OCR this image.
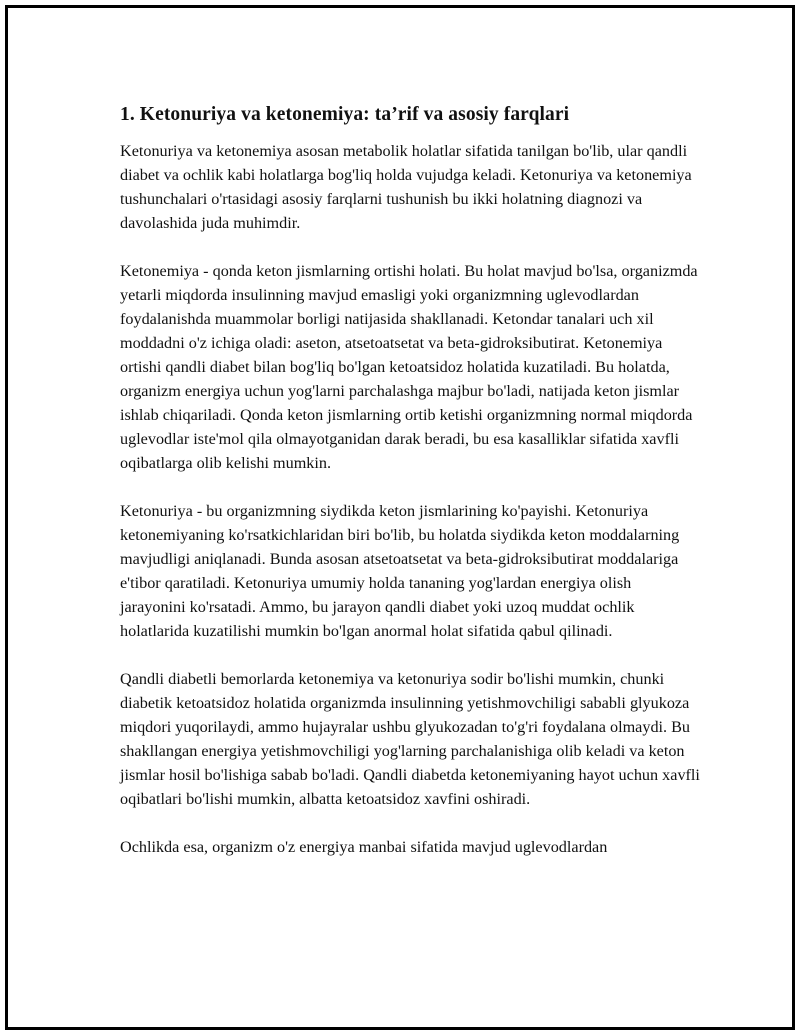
1. Ketonuriya va ketonemiya: ta’rif va asosiy farqlari

Ketonuriya va ketonemiya asosan metabolik holatlar sifatida tanilgan bo'lib, ular qandli diabet va ochlik kabi holatlarga bog'liq holda vujudga keladi. Ketonuriya va ketonemiya tushunchalari o'rtasidagi asosiy farqlarni tushunish bu ikki holatning diagnozi va davolashida juda muhimdir.

Ketonemiya - qonda keton jismlarning ortishi holati. Bu holat mavjud bo'lsa, organizmda yetarli miqdorda insulinning mavjud emasligi yoki organizmning uglevodlardan foydalanishda muammolar borligi natijasida shakllanadi. Ketondar tanalari uch xil moddadni o'z ichiga oladi: aseton, atsetoatsetat va beta-gidroksibutirat. Ketonemiya ortishi qandli diabet bilan bog'liq bo'lgan ketoatsidoz holatida kuzatiladi. Bu holatda, organizm energiya uchun yog'larni parchalashga majbur bo'ladi, natijada keton jismlar ishlab chiqariladi. Qonda keton jismlarning ortib ketishi organizmning normal miqdorda uglevodlar iste'mol qila olmayotganidan darak beradi, bu esa kasalliklar sifatida xavfli oqibatlarga olib kelishi mumkin.

Ketonuriya - bu organizmning siydikda keton jismlarining ko'payishi. Ketonuriya ketonemiyaning ko'rsatkichlaridan biri bo'lib, bu holatda siydikda keton moddalarning mavjudligi aniqlanadi. Bunda asosan atsetoatsetat va beta-gidroksibutirat moddalariga e'tibor qaratiladi. Ketonuriya umumiy holda tananing yog'lardan energiya olish jarayonini ko'rsatadi. Ammo, bu jarayon qandli diabet yoki uzoq muddat ochlik holatlarida kuzatilishi mumkin bo'lgan anormal holat sifatida qabul qilinadi.

Qandli diabetli bemorlarda ketonemiya va ketonuriya sodir bo'lishi mumkin, chunki diabetik ketoatsidoz holatida organizmda insulinning yetishmovchiligi sababli glyukoza miqdori yuqorilaydi, ammo hujayralar ushbu glyukozadan to'g'ri foydalana olmaydi. Bu shakllangan energiya yetishmovchiligi yog'larning parchalanishiga olib keladi va keton jismlar hosil bo'lishiga sabab bo'ladi. Qandli diabetda ketonemiyaning hayot uchun xavfli oqibatlari bo'lishi mumkin, albatta ketoatsidoz xavfini oshiradi.

Ochlikda esa, organizm o'z energiya manbai sifatida mavjud uglevodlardan
